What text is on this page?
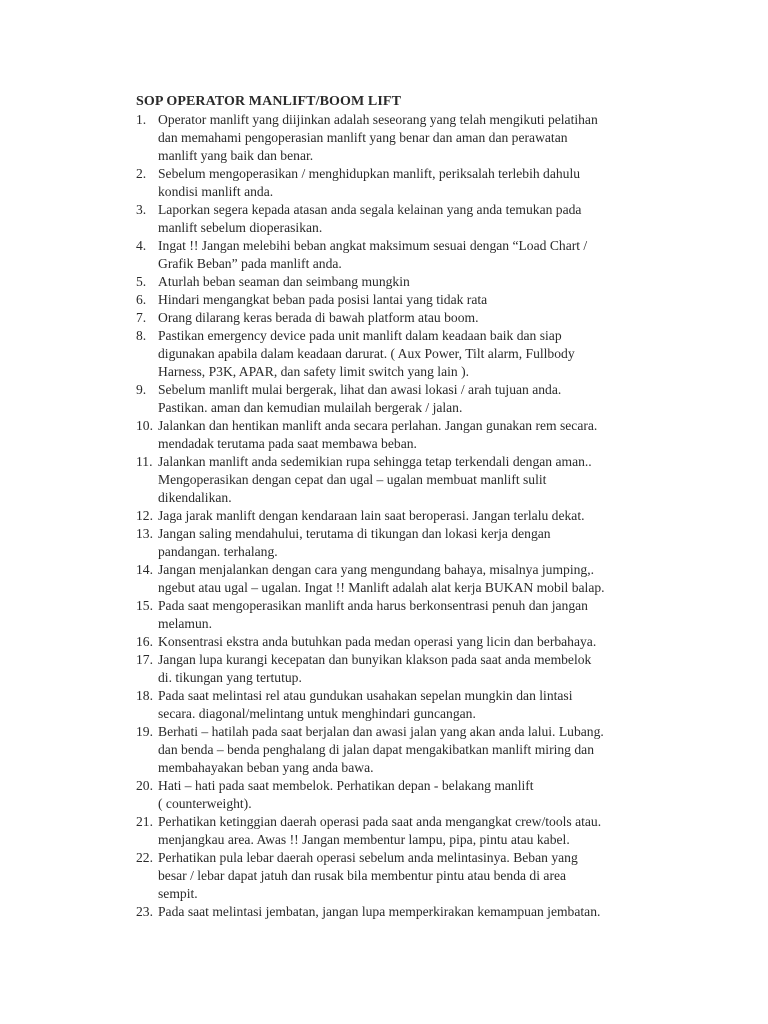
SOP OPERATOR MANLIFT/BOOM LIFT
1. Operator manlift yang diijinkan adalah seseorang yang telah mengikuti pelatihan
dan memahami pengoperasian manlift yang benar dan aman dan perawatan
manlift yang baik dan benar.
2. Sebelum mengoperasikan / menghidupkan manlift, periksalah terlebih dahulu
kondisi manlift anda.
3. Laporkan segera kepada atasan anda segala kelainan yang anda temukan pada
manlift sebelum dioperasikan.
4. Ingat !! Jangan melebihi beban angkat maksimum sesuai dengan “Load Chart /
Grafik Beban” pada manlift anda.
5. Aturlah beban seaman dan seimbang mungkin
6. Hindari mengangkat beban pada posisi lantai yang tidak rata
7. Orang dilarang keras berada di bawah platform atau boom.
8. Pastikan emergency device pada unit manlift dalam keadaan baik dan siap
digunakan apabila dalam keadaan darurat. ( Aux Power, Tilt alarm, Fullbody
Harness, P3K, APAR, dan safety limit switch yang lain ).
9. Sebelum manlift mulai bergerak, lihat dan awasi lokasi / arah tujuan anda.
Pastikan. aman dan kemudian mulailah bergerak / jalan.
10. Jalankan dan hentikan manlift anda secara perlahan. Jangan gunakan rem secara.
mendadak terutama pada saat membawa beban.
11. Jalankan manlift anda sedemikian rupa sehingga tetap terkendali dengan aman..
Mengoperasikan dengan cepat dan ugal – ugalan membuat manlift sulit
dikendalikan.
12. Jaga jarak manlift dengan kendaraan lain saat beroperasi. Jangan terlalu dekat.
13. Jangan saling mendahului, terutama di tikungan dan lokasi kerja dengan
pandangan. terhalang.
14. Jangan menjalankan dengan cara yang mengundang bahaya, misalnya jumping,.
ngebut atau ugal – ugalan. Ingat !! Manlift adalah alat kerja BUKAN mobil balap.
15. Pada saat mengoperasikan manlift anda harus berkonsentrasi penuh dan jangan
melamun.
16. Konsentrasi ekstra anda butuhkan pada medan operasi yang licin dan berbahaya.
17. Jangan lupa kurangi kecepatan dan bunyikan klakson pada saat anda membelok
di. tikungan yang tertutup.
18. Pada saat melintasi rel atau gundukan usahakan sepelan mungkin dan lintasi
secara. diagonal/melintang untuk menghindari guncangan.
19. Berhati – hatilah pada saat berjalan dan awasi jalan yang akan anda lalui. Lubang.
dan benda – benda penghalang di jalan dapat mengakibatkan manlift miring dan
membahayakan beban yang anda bawa.
20. Hati – hati pada saat membelok. Perhatikan depan - belakang manlift
( counterweight).
21. Perhatikan ketinggian daerah operasi pada saat anda mengangkat crew/tools atau.
menjangkau area. Awas !! Jangan membentur lampu, pipa, pintu atau kabel.
22. Perhatikan pula lebar daerah operasi sebelum anda melintasinya. Beban yang
besar / lebar dapat jatuh dan rusak bila membentur pintu atau benda di area
sempit.
23. Pada saat melintasi jembatan, jangan lupa memperkirakan kemampuan jembatan.
